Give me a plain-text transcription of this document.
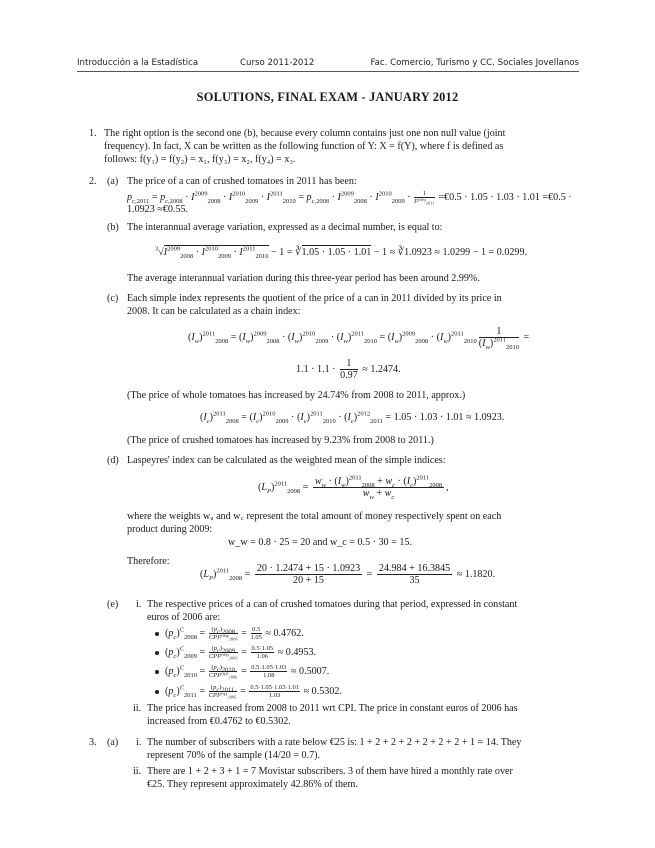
Introducción a la Estadística	Curso 2011-2012	Fac. Comercio, Turismo y CC. Sociales Jovellanos
SOLUTIONS, FINAL EXAM - JANUARY 2012
1. The right option is the second one (b), because every column contains just one non null value (joint
frequency). In fact, X can be written as the following function of Y: X = f(Y), where f is defined as
follows: f(y₁) = f(y₂) = x₁, f(y₃) = x₂, f(y₄) = x₃.
2. (a) The price of a can of crushed tomatoes in 2011 has been:
$p_{c,2011} = p_{c,2008} \cdot I^{2009}_{2008} \cdot I^{2010}_{2009} \cdot I^{2011}_{2010} = p_{c,2008} \cdot I^{2009}_{2008} \cdot I^{2010}_{2009} \cdot \frac{1}{\text{I²⁰⁰⁹₂₀₁₁}}$ =€0.5 · 1.05 · 1.03 · 1.01 =€0.5 ·
1.0923 ≈€0.55.
(b) The interannual average variation, expressed as a decimal number, is equal to:
$^3√I^{2009}_{2008} \cdot I^{2010}_{2009} \cdot I^{2011}_{2010} - 1$ = ∛1.05 · 1.05 · 1.01 − 1 ≈ ∛1.0923 ≈ 1.0299 − 1 = 0.0299.
The average interannual variation during this three-year period has been around 2.99%.
(c) Each simple index represents the quotient of the price of a can in 2011 divided by its price in
2008. It can be calculated as a chain index:
$(I_w)^{2011}_{2008} = (I_w)^{2009}_{2008} \cdot (I_w)^{2010}_{2009} \cdot (I_w)^{2011}_{2010} = (I_w)^{2009}_{2008} \cdot (I_w)^{2011}_{2010} \frac{1}{(I_w)^{2011}_{2010}}$ =
$1.1 \cdot 1.1 \cdot \frac{1}{0.97} \approx 1.2474$.
(The price of whole tomatoes has increased by 24.74% from 2008 to 2011, approx.)
$(I_c)^{2011}_{2008} = (I_c)^{2010}_{2009} \cdot (I_c)^{2011}_{2010} \cdot (I_c)^{2012}_{2011} = 1.05 \cdot 1.03 \cdot 1.01 \approx 1.0923$.
(The price of crushed tomatoes has increased by 9.23% from 2008 to 2011.)
(d) Laspeyres' index can be calculated as the weighted mean of the simple indices:
$(L_P)^{2011}_{2008} = \frac{w_w \cdot (I_w)^{2011}_{2008} + w_c \cdot (I_c)^{2011}_{2008}}{w_w + w_c}$ ,
where the weights wᵤ and w꜀ represent the total amount of money respectively spent on each
product during 2009:
w_w = 0.8 · 25 = 20 and w_c = 0.5 · 30 = 15.
Therefore:
$(L_P)^{2011}_{2008} = \frac{20 \cdot 1.2474 + 15 \cdot 1.0923}{20 + 15} = \frac{24.984 + 16.3845}{35} \approx 1.1820$.
(e) i. The respective prices of a can of crushed tomatoes during that period, expressed in constant
euros of 2006 are:
$(p_c)^C_{2008} = (p_c)_{2008}$
$CPI^{2008}_{2006} = \frac{0.5}{1.05} \approx 0.4762$.
$(p_c)^C_{2009} = (p_c)_{2009}$
$CPI^{2009}_{2006} = \frac{0.5\cdot 1.05}{1.06} \approx 0.4953$.
$(p_c)^C_{2010} = (p_c)_{2010}$
$CPI^{2010}_{2006} = \frac{0.5\cdot 1.05\cdot 1.03}{1.08} \approx 0.5007$.
$(p_c)^C_{2011} = (p_c)_{2011}$
$CPI^{2011}_{2006} = \frac{0.5\cdot 1.05\cdot 1.03\cdot 1.01}{1.03} \approx 0.5302$.
ii. The price has increased from 2008 to 2011 wrt CPI. The price in constant euros of 2006 has
increased from €0.4762 to €0.5302.
3. (a) i. The number of subscribers with a rate below €25 is: 1 + 2 + 2 + 2 + 2 + 2 + 2 + 1 = 14. They
represent 70% of the sample (14/20 = 0.7).
ii. There are 1 + 2 + 3 + 1 = 7 Movistar subscribers. 3 of them have hired a monthly rate over
€25. They represent approximately 42.86% of them.
